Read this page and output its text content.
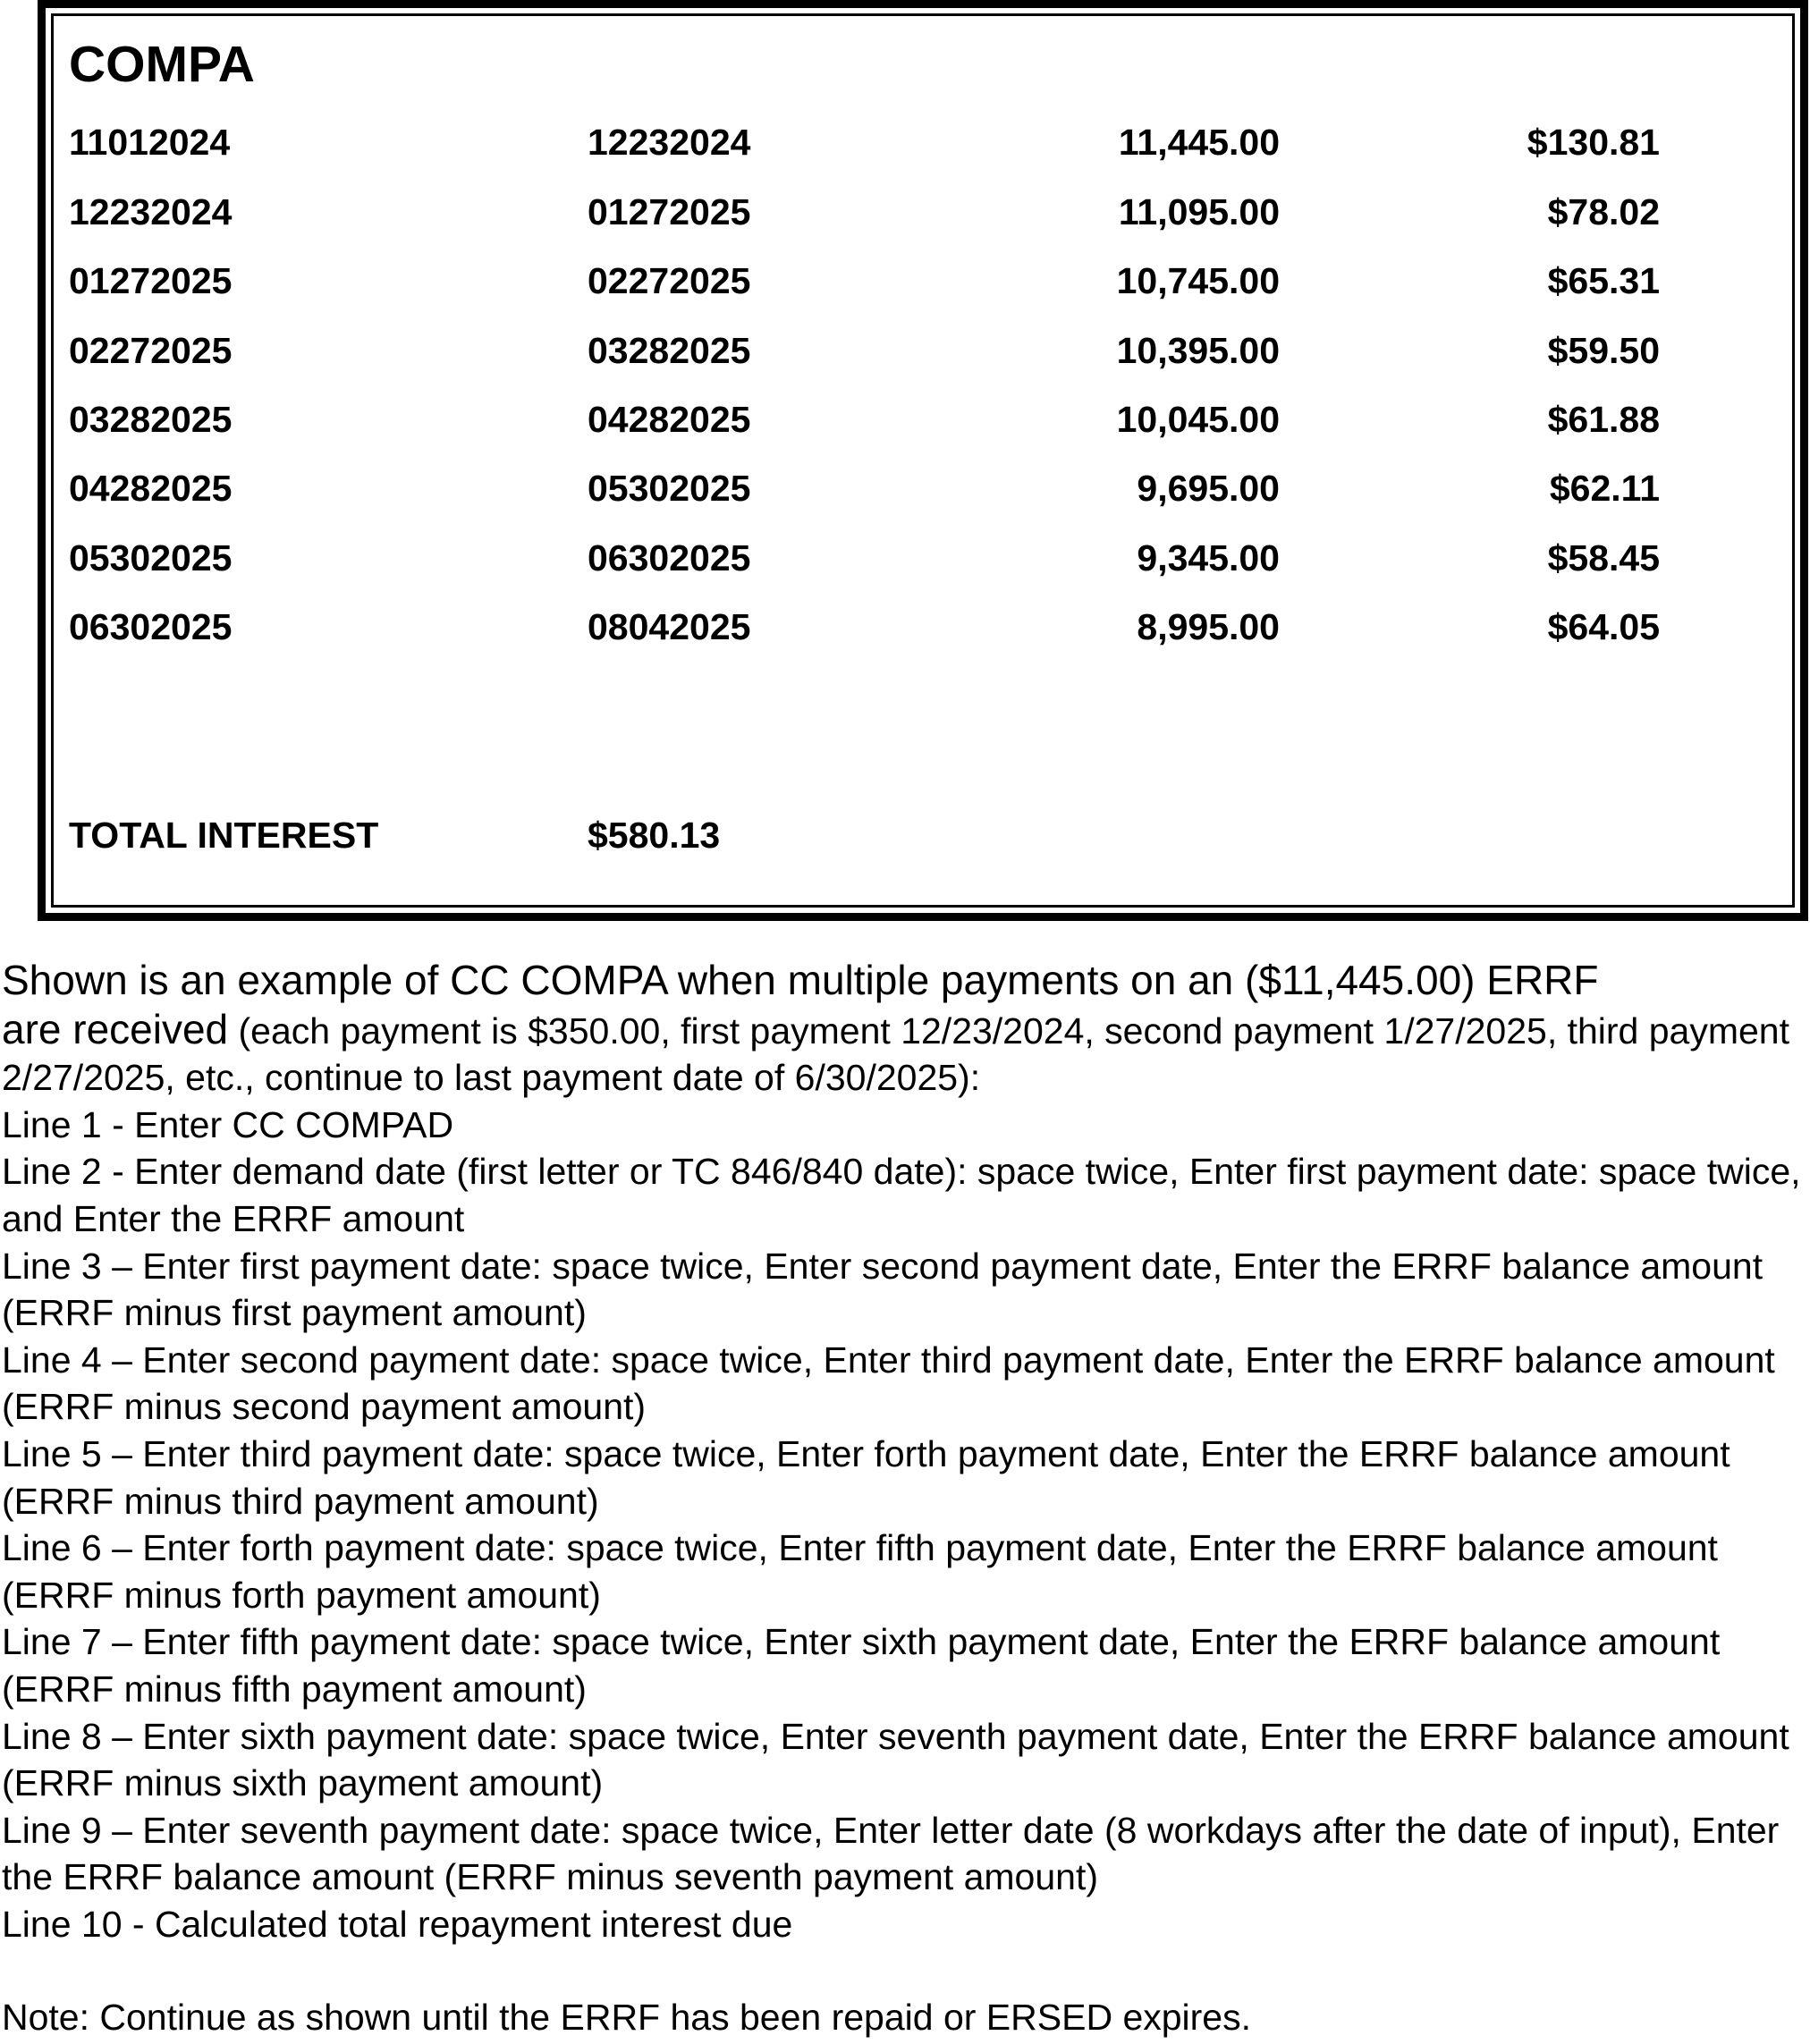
COMPA
11012024	12232024	11,445.00	$130.81
12232024	01272025	11,095.00	$78.02
01272025	02272025	10,745.00	$65.31
02272025	03282025	10,395.00	$59.50
03282025	04282025	10,045.00	$61.88
04282025	05302025	9,695.00	$62.11
05302025	06302025	9,345.00	$58.45
06302025	08042025	8,995.00	$64.05
TOTAL INTEREST	$580.13

Shown is an example of CC COMPA when multiple payments on an ($11,445.00) ERRF
are received (each payment is $350.00, first payment 12/23/2024, second payment 1/27/2025, third payment 2/27/2025, etc., continue to last payment date of 6/30/2025):

Line 1 - Enter CC COMPAD

Line 2 - Enter demand date (first letter or TC 846/840 date): space twice, Enter first payment date: space twice, and Enter the ERRF amount

Line 3 – Enter first payment date: space twice, Enter second payment date, Enter the ERRF balance amount (ERRF minus first payment amount)

Line 4 – Enter second payment date: space twice, Enter third payment date, Enter the ERRF balance amount (ERRF minus second payment amount)

Line 5 – Enter third payment date: space twice, Enter forth payment date, Enter the ERRF balance amount (ERRF minus third payment amount)

Line 6 – Enter forth payment date: space twice, Enter fifth payment date, Enter the ERRF balance amount (ERRF minus forth payment amount)

Line 7 – Enter fifth payment date: space twice, Enter sixth payment date, Enter the ERRF balance amount (ERRF minus fifth payment amount)

Line 8 – Enter sixth payment date: space twice, Enter seventh payment date, Enter the ERRF balance amount (ERRF minus sixth payment amount)

Line 9 – Enter seventh payment date: space twice, Enter letter date (8 workdays after the date of input), Enter the ERRF balance amount (ERRF minus seventh payment amount)

Line 10 - Calculated total repayment interest due

Note: Continue as shown until the ERRF has been repaid or ERSED expires.
